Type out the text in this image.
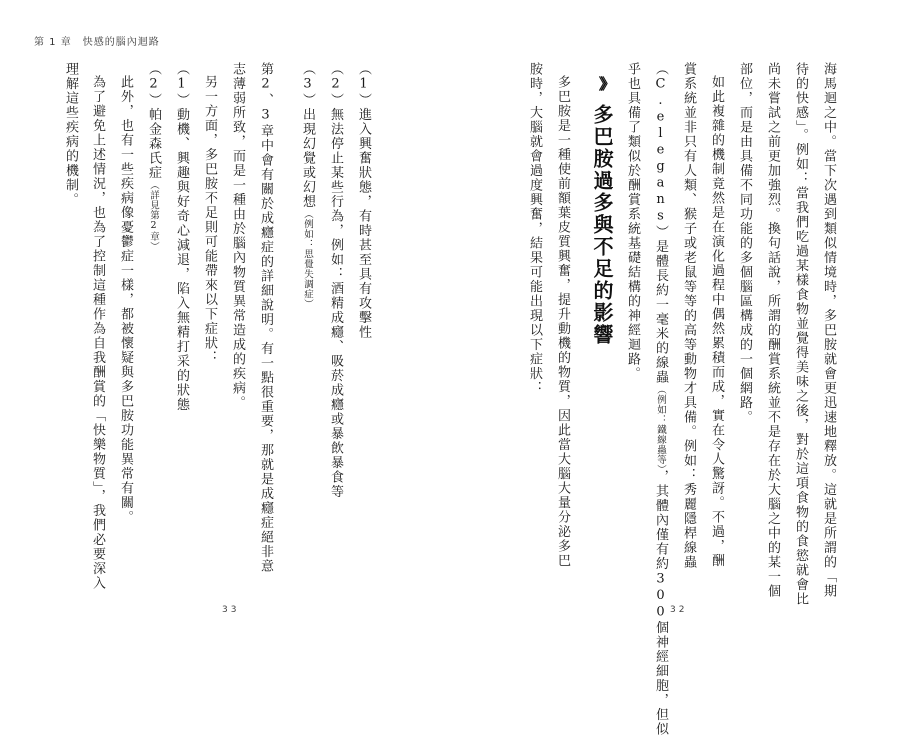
第 1 章　快感的腦內迴路
（1）進入興奮狀態，有時甚至具有攻擊性
（2）無法停止某些行為，例如：酒精成癮、吸菸成癮或暴飲暴食等
（3）出現幻覺或幻想（例如：思覺失調症）
第2、3章中會有關於成癮症的詳細說明。有一點很重要，那就是成癮症絕非意
志薄弱所致，而是一種由於腦內物質異常造成的疾病。
另一方面，多巴胺不足則可能帶來以下症狀：
（1）動機、興趣與好奇心減退，陷入無精打采的狀態
（2）帕金森氏症（詳見第2章）
此外，也有一些疾病像憂鬱症一樣，都被懷疑與多巴胺功能異常有關。
為了避免上述情況，也為了控制這種作為自我酬賞的「快樂物質」，我們必要深入
理解這些疾病的機制。
33
海馬迴之中。當下次遇到類似情境時，多巴胺就會更迅速地釋放。這就是所謂的「期
待的快感」。例如：當我們吃過某樣食物並覺得美味之後，對於這項食物的食慾就會比
尚未嘗試之前更加強烈。換句話說，所謂的酬賞系統並不是存在於大腦之中的某一個
部位，而是由具備不同功能的多個腦區構成的一個網路。
如此複雜的機制竟然是在演化過程中偶然累積而成，實在令人驚訝。不過，酬
賞系統並非只有人類、猴子或老鼠等等的高等動物才具備。例如：秀麗隱桿線蟲
（C.elegans）是體長約一毫米的線蟲（例如：鐵線蟲等），其體內僅有約300個神經細胞，但似
乎也具備了類似於酬賞系統基礎結構的神經迴路。
》》
多巴胺過多與不足的影響
多巴胺是一種使前額葉皮質興奮，提升動機的物質，因此當大腦大量分泌多巴
胺時，大腦就會過度興奮，結果可能出現以下症狀：
32
